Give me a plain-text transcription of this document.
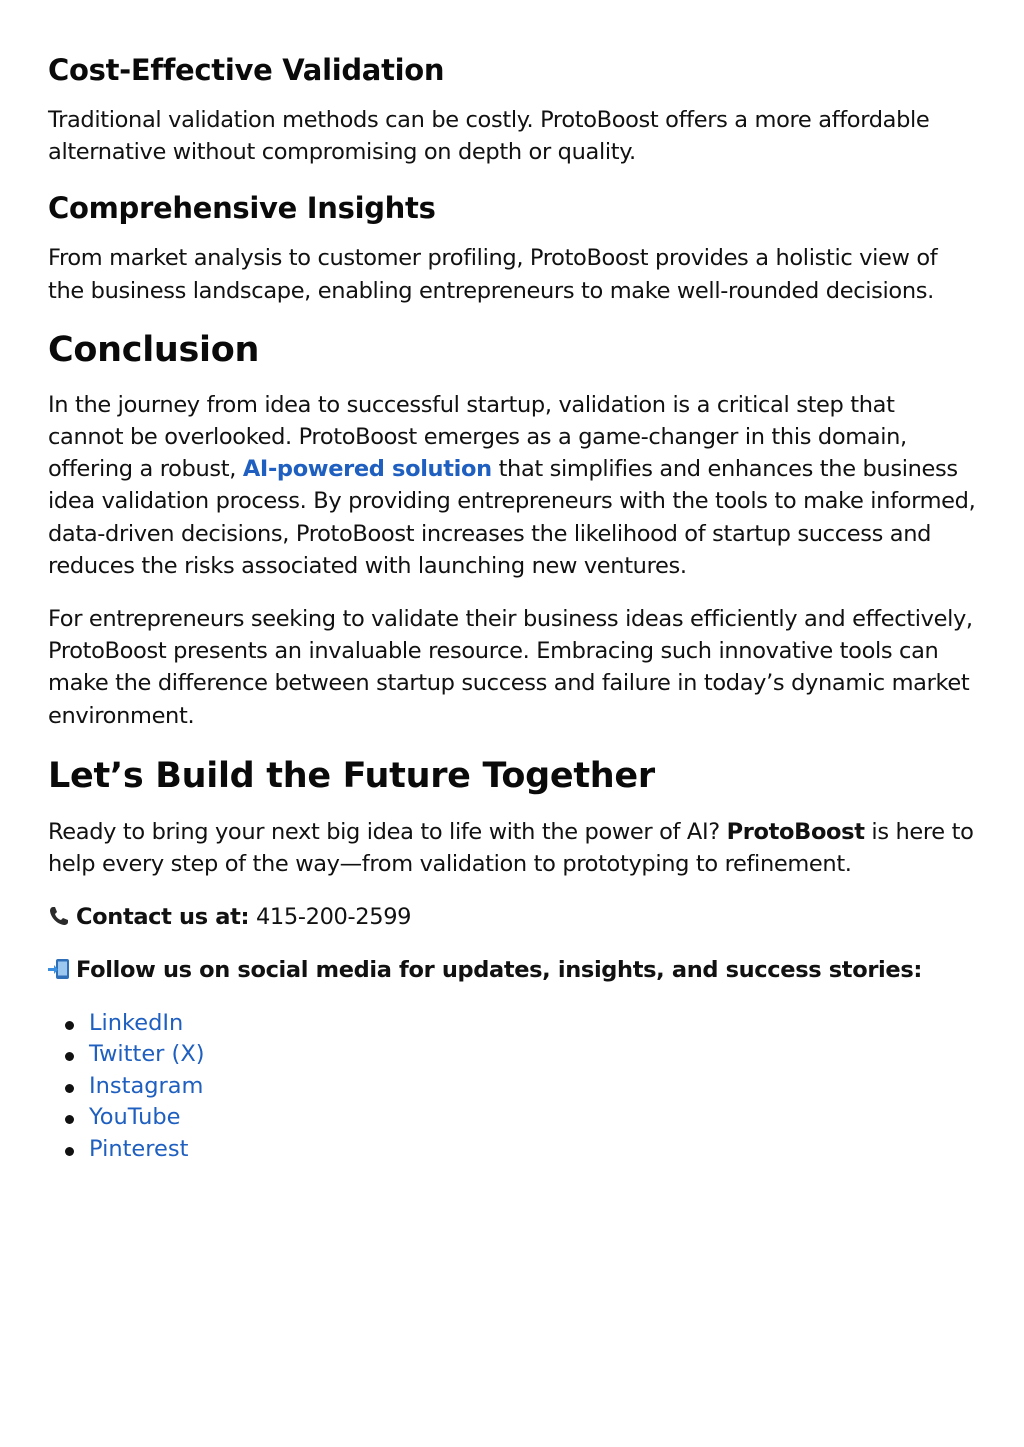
Cost-Effective Validation

Traditional validation methods can be costly. ProtoBoost offers a more affordable alternative without compromising on depth or quality.

Comprehensive Insights

From market analysis to customer profiling, ProtoBoost provides a holistic view of the business landscape, enabling entrepreneurs to make well-rounded decisions.

Conclusion

In the journey from idea to successful startup, validation is a critical step that cannot be overlooked. ProtoBoost emerges as a game-changer in this domain, offering a robust, AI-powered solution that simplifies and enhances the business idea validation process. By providing entrepreneurs with the tools to make informed, data-driven decisions, ProtoBoost increases the likelihood of startup success and reduces the risks associated with launching new ventures.

For entrepreneurs seeking to validate their business ideas efficiently and effectively, ProtoBoost presents an invaluable resource. Embracing such innovative tools can make the difference between startup success and failure in today’s dynamic market environment.

Let’s Build the Future Together

Ready to bring your next big idea to life with the power of AI? ProtoBoost is here to help every step of the way—from validation to prototyping to refinement.

Contact us at: 415-200-2599

Follow us on social media for updates, insights, and success stories:

LinkedIn
Twitter (X)
Instagram
YouTube
Pinterest
